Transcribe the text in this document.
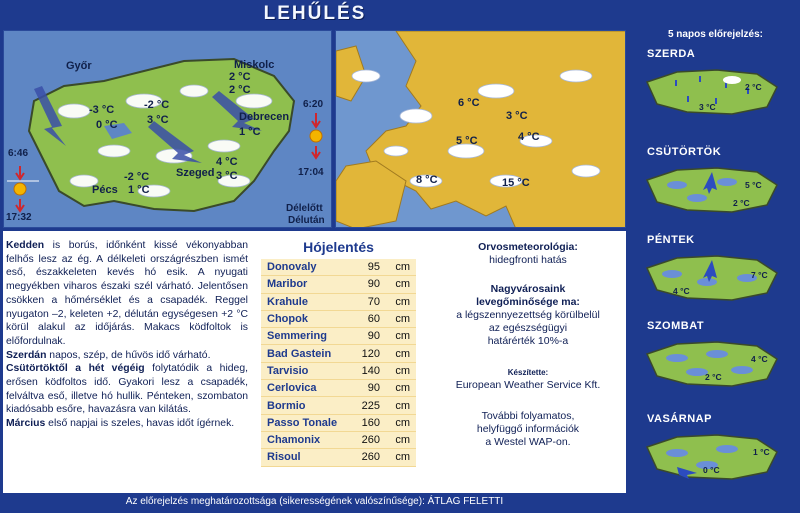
LEHŰLÉS
Győr	Miskolc
Debrecen
Szeged
Pécs
-3 °C
0 °C
-2 °C
3 °C
2 °C
2 °C
1 °C
4 °C
3 °C
-2 °C
1 °C
6:46
17:32
6:20
17:04
Délelőtt
Délután
6 °C
3 °C
5 °C	4 °C
8 °C	15 °C
Kedden is borús, időnként kissé vékonyabban felhős lesz az ég. A délkeleti országrészben ismét eső, északkeleten kevés hó esik. A nyugati megyékben viharos északi szél várható. Jelentősen csökken a hőmérséklet és a csapadék. Reggel nyugaton –2, keleten +2, délután egységesen +2 °C körül alakul az időjárás. Makacs ködfoltok is előfordulnak.
Szerdán napos, szép, de hűvös idő várható.
Csütörtöktől a hét végéig folytatódik a hideg, erősen ködfoltos idő. Gyakori lesz a csapadék, felváltva eső, illetve hó hullik. Pénteken, szombaton kiadósabb esőre, havazásra van kilátás.
Március első napjai is szeles, havas időt ígérnek.
Hójelentés
Donovaly	95	cm
Maribor	90	cm
Krahule	70	cm
Chopok	60	cm
Semmering	90	cm
Bad Gastein	120	cm
Tarvisio	140	cm
Cerlovica	90	cm
Bormio	225	cm
Passo Tonale	160	cm
Chamonix	260	cm
Risoul	260	cm
Orvosmeteorológia:
hidegfronti hatás
Nagyvárosaink
levegőminősége ma:
a légszennyezettség körülbelül
az egészségügyi
határérték 10%-a
Készítette:
European Weather Service Kft.
További folyamatos,
helyfüggő információk
a Westel WAP-on.
Az előrejelzés meghatározottsága (sikerességének valószínűsége): ÁTLAG FELETTI
5 napos előrejelzés:
SZERDA
2 °C
3 °C
CSÜTÖRTÖK
5 °C
2 °C
PÉNTEK
7 °C
4 °C
SZOMBAT
4 °C
2 °C
VASÁRNAP
1 °C
0 °C
